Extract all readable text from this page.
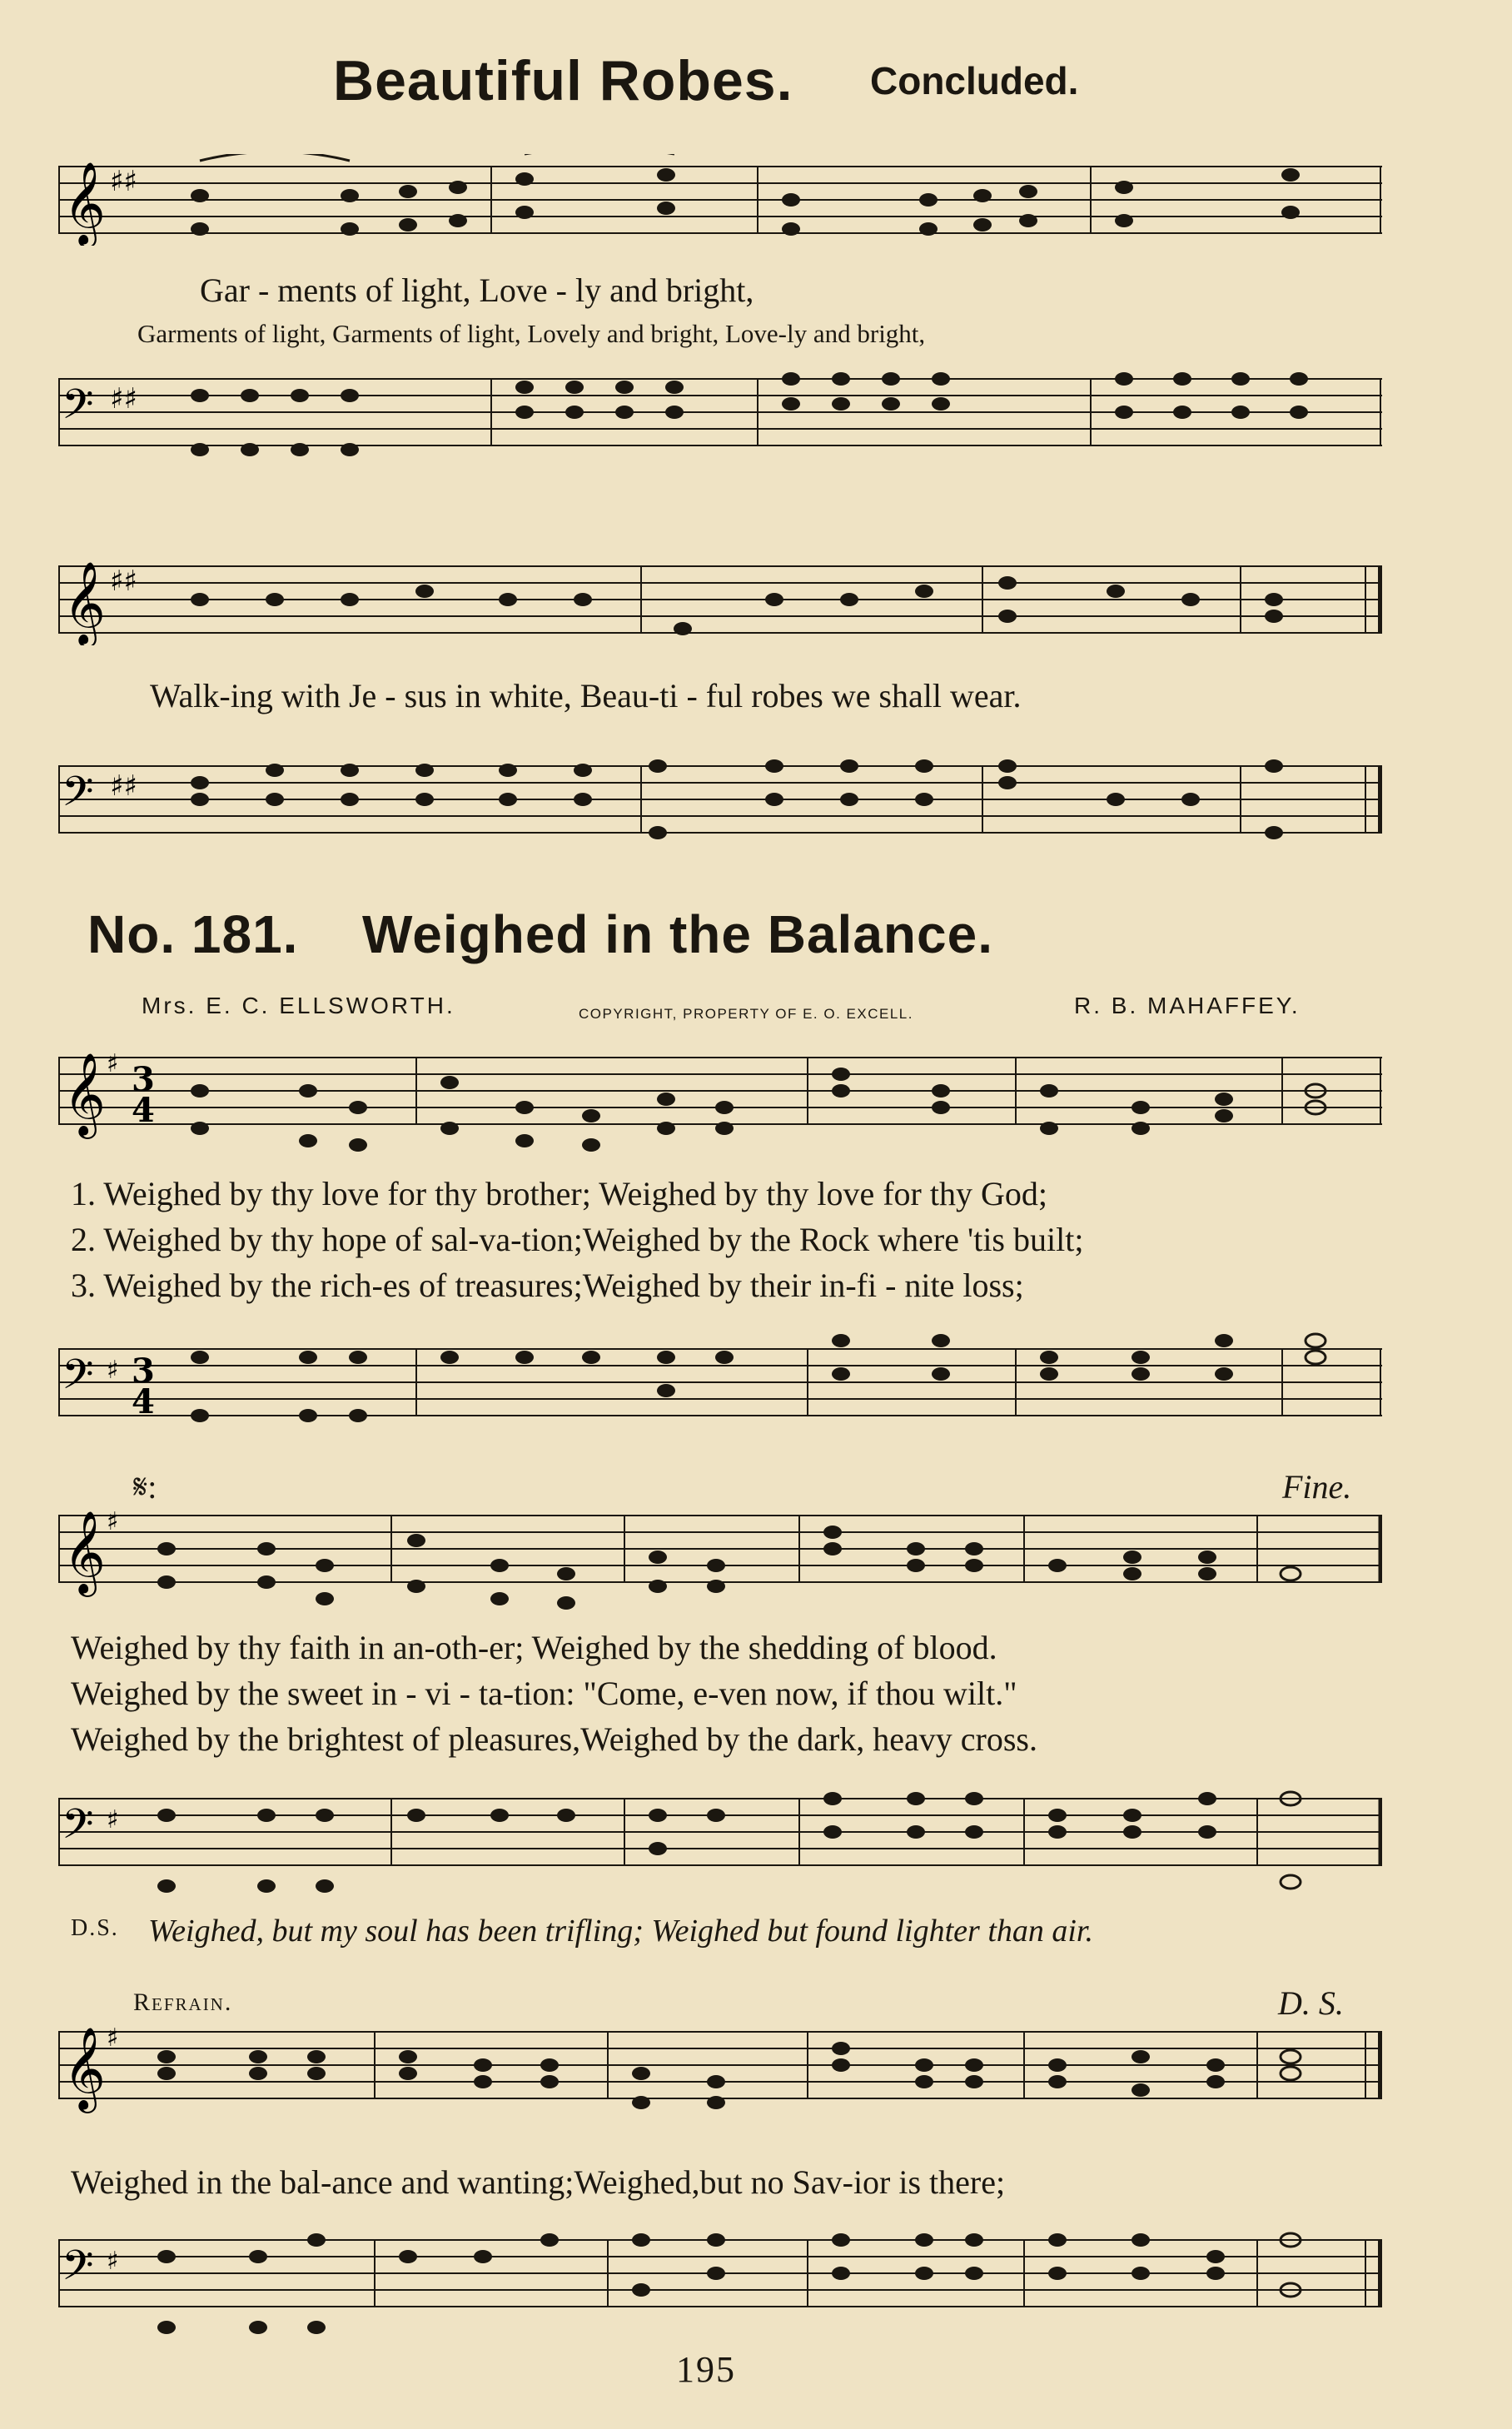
Beautiful Robes. Concluded.
𝄞 ♯♯
Gar - ments of light, Love - ly and bright,
Garments of light, Garments of light, Lovely and bright, Love-ly and bright,
𝄢 ♯♯
𝄞 ♯♯
Walk-ing with Je - sus in white, Beau-ti - ful robes we shall wear.
𝄢 ♯♯
No. 181. Weighed in the Balance.
Mrs. E. C. ELLSWORTH.	COPYRIGHT, PROPERTY OF E. O. EXCELL.	R. B. MAHAFFEY.
𝄞 ♯ 3
4
1. Weighed by thy love for thy brother; Weighed by thy love for thy God;
2. Weighed by thy hope of sal-va-tion;Weighed by the Rock where 'tis built;
3. Weighed by the rich-es of treasures;Weighed by their in-fi - nite loss;
𝄢 ♯ 3
4
𝄋:	Fine.
𝄞 ♯
Weighed by thy faith in an-oth-er; Weighed by the shedding of blood.
Weighed by the sweet in - vi - ta-tion: "Come, e-ven now, if thou wilt."
Weighed by the brightest of pleasures,Weighed by the dark, heavy cross.
𝄢 ♯
D.S. Weighed, but my soul has been trifling; Weighed but found lighter than air.
Refrain.	D. S.
𝄞 ♯
Weighed in the bal-ance and wanting;Weighed,but no Sav-ior is there;
𝄢 ♯
195
